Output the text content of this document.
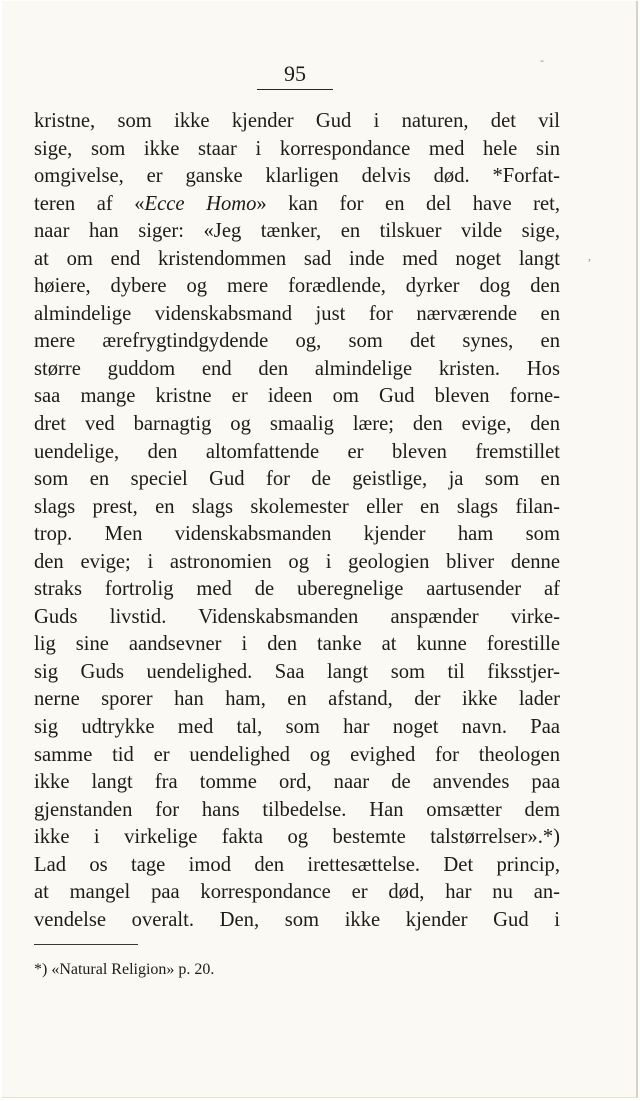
95
kristne, som ikke kjender Gud i naturen, det vil
sige, som ikke staar i korrespondance med hele sin
omgivelse, er ganske klarligen delvis død. *Forfat-
teren af «Ecce Homo» kan for en del have ret,
naar han siger: «Jeg tænker, en tilskuer vilde sige,
at om end kristendommen sad inde med noget langt
høiere, dybere og mere forædlende, dyrker dog den
almindelige videnskabsmand just for nærværende en
mere ærefrygtindgydende og, som det synes, en
større guddom end den almindelige kristen. Hos
saa mange kristne er ideen om Gud bleven forne-
dret ved barnagtig og smaalig lære; den evige, den
uendelige, den altomfattende er bleven fremstillet
som en speciel Gud for de geistlige, ja som en
slags prest, en slags skolemester eller en slags filan-
trop. Men videnskabsmanden kjender ham som
den evige; i astronomien og i geologien bliver denne
straks fortrolig med de uberegnelige aartusender af
Guds livstid. Videnskabsmanden anspænder virke-
lig sine aandsevner i den tanke at kunne forestille
sig Guds uendelighed. Saa langt som til fiksstjer-
nerne sporer han ham, en afstand, der ikke lader
sig udtrykke med tal, som har noget navn. Paa
samme tid er uendelighed og evighed for theologen
ikke langt fra tomme ord, naar de anvendes paa
gjenstanden for hans tilbedelse. Han omsætter dem
ikke i virkelige fakta og bestemte talstørrelser».*)
Lad os tage imod den irettesættelse. Det princip,
at mangel paa korrespondance er død, har nu an-
vendelse overalt. Den, som ikke kjender Gud i
*) «Natural Religion» p. 20.
-
,
